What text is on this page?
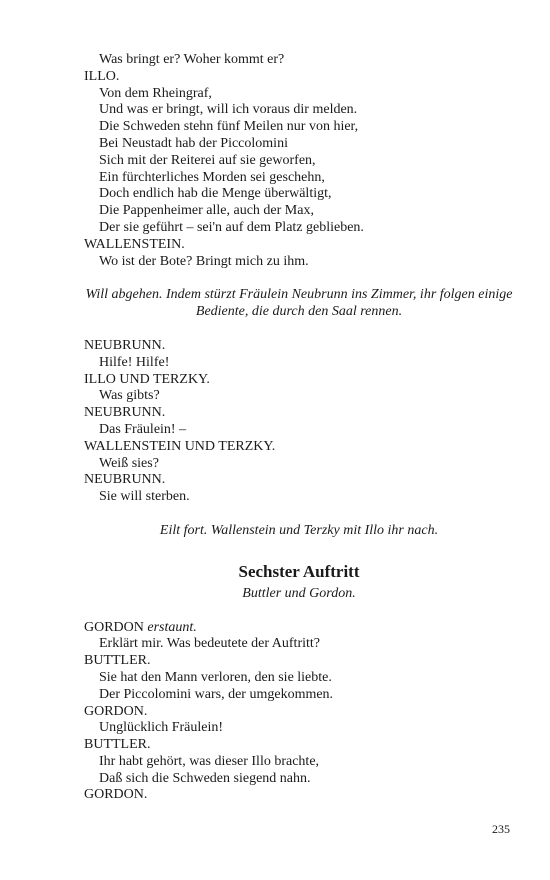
Was bringt er? Woher kommt er?
ILLO.
Von dem Rheingraf,
Und was er bringt, will ich voraus dir melden.
Die Schweden stehn fünf Meilen nur von hier,
Bei Neustadt hab der Piccolomini
Sich mit der Reiterei auf sie geworfen,
Ein fürchterliches Morden sei geschehn,
Doch endlich hab die Menge überwältigt,
Die Pappenheimer alle, auch der Max,
Der sie geführt – sei'n auf dem Platz geblieben.
WALLENSTEIN.
Wo ist der Bote? Bringt mich zu ihm.
Will abgehen. Indem stürzt Fräulein Neubrunn ins Zimmer, ihr folgen einige Bediente, die durch den Saal rennen.
NEUBRUNN.
Hilfe! Hilfe!
ILLO UND TERZKY.
Was gibts?
NEUBRUNN.
Das Fräulein! –
WALLENSTEIN UND TERZKY.
Weiß sies?
NEUBRUNN.
Sie will sterben.
Eilt fort. Wallenstein und Terzky mit Illo ihr nach.
Sechster Auftritt
Buttler und Gordon.
GORDON erstaunt.
Erklärt mir. Was bedeutete der Auftritt?
BUTTLER.
Sie hat den Mann verloren, den sie liebte.
Der Piccolomini wars, der umgekommen.
GORDON.
Unglücklich Fräulein!
BUTTLER.
Ihr habt gehört, was dieser Illo brachte,
Daß sich die Schweden siegend nahn.
GORDON.
235
